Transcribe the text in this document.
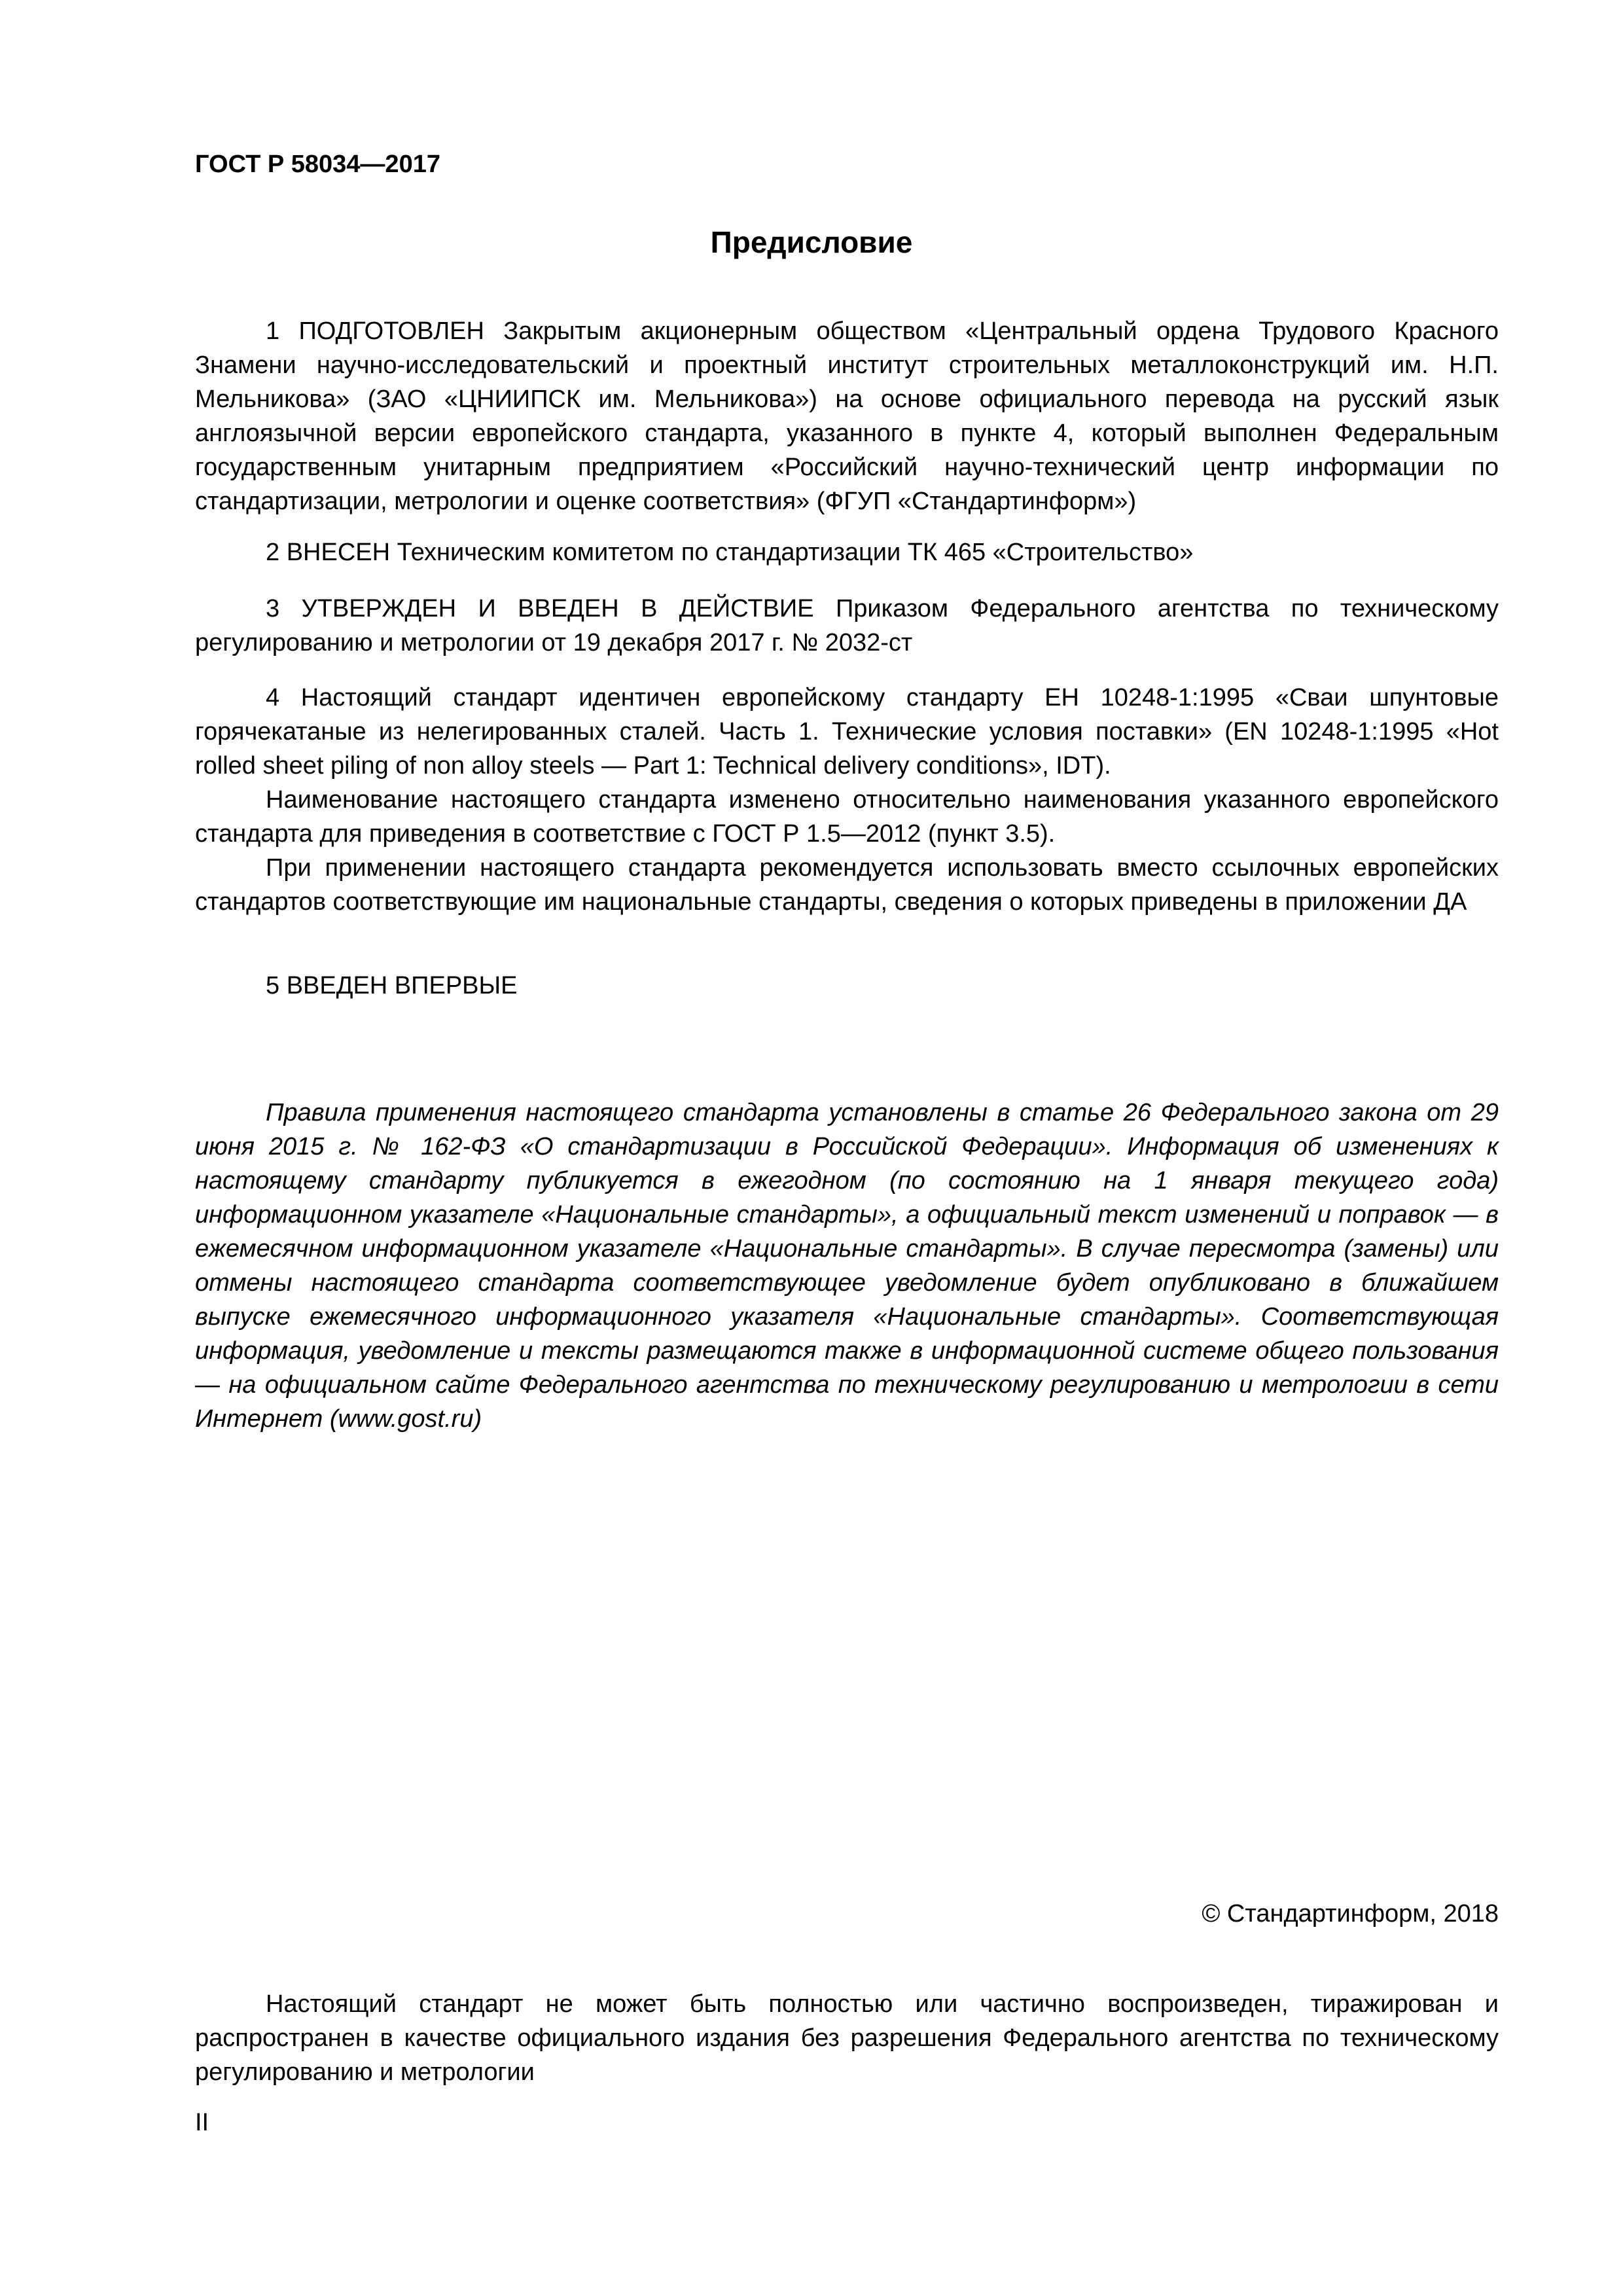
ГОСТ Р 58034—2017
Предисловие

1 ПОДГОТОВЛЕН Закрытым акционерным обществом «Центральный ордена Трудового Красного Знамени научно-исследовательский и проектный институт строительных металлоконструкций им. Н.П. Мельникова» (ЗАО «ЦНИИПСК им. Мельникова») на основе официального перевода на русский язык англоязычной версии европейского стандарта, указанного в пункте 4, который выполнен Федеральным государственным унитарным предприятием «Российский научно-технический центр информации по стандартизации, метрологии и оценке соответствия» (ФГУП «Стандартинформ»)

2 ВНЕСЕН Техническим комитетом по стандартизации ТК 465 «Строительство»

3 УТВЕРЖДЕН И ВВЕДЕН В ДЕЙСТВИЕ Приказом Федерального агентства по техническому регулированию и метрологии от 19 декабря 2017 г. № 2032-ст

4 Настоящий стандарт идентичен европейскому стандарту ЕН 10248-1:1995 «Сваи шпунтовые горячекатаные из нелегированных сталей. Часть 1. Технические условия поставки» (EN 10248-1:1995 «Hot rolled sheet piling of non alloy steels — Part 1: Technical delivery conditions», IDT).

Наименование настоящего стандарта изменено относительно наименования указанного европейского стандарта для приведения в соответствие с ГОСТ Р 1.5—2012 (пункт 3.5).

При применении настоящего стандарта рекомендуется использовать вместо ссылочных европейских стандартов соответствующие им национальные стандарты, сведения о которых приведены в приложении ДА

5 ВВЕДЕН ВПЕРВЫЕ

Правила применения настоящего стандарта установлены в статье 26 Федерального закона от 29 июня 2015 г. № 162-ФЗ «О стандартизации в Российской Федерации». Информация об изменениях к настоящему стандарту публикуется в ежегодном (по состоянию на 1 января текущего года) информационном указателе «Национальные стандарты», а официальный текст изменений и поправок — в ежемесячном информационном указателе «Национальные стандарты». В случае пересмотра (замены) или отмены настоящего стандарта соответствующее уведомление будет опубликовано в ближайшем выпуске ежемесячного информационного указателя «Национальные стандарты». Соответствующая информация, уведомление и тексты размещаются также в информационной системе общего пользования — на официальном сайте Федерального агентства по техническому регулированию и метрологии в сети Интернет (www.gost.ru)

© Стандартинформ, 2018

Настоящий стандарт не может быть полностью или частично воспроизведен, тиражирован и распространен в качестве официального издания без разрешения Федерального агентства по техническому регулированию и метрологии

II
